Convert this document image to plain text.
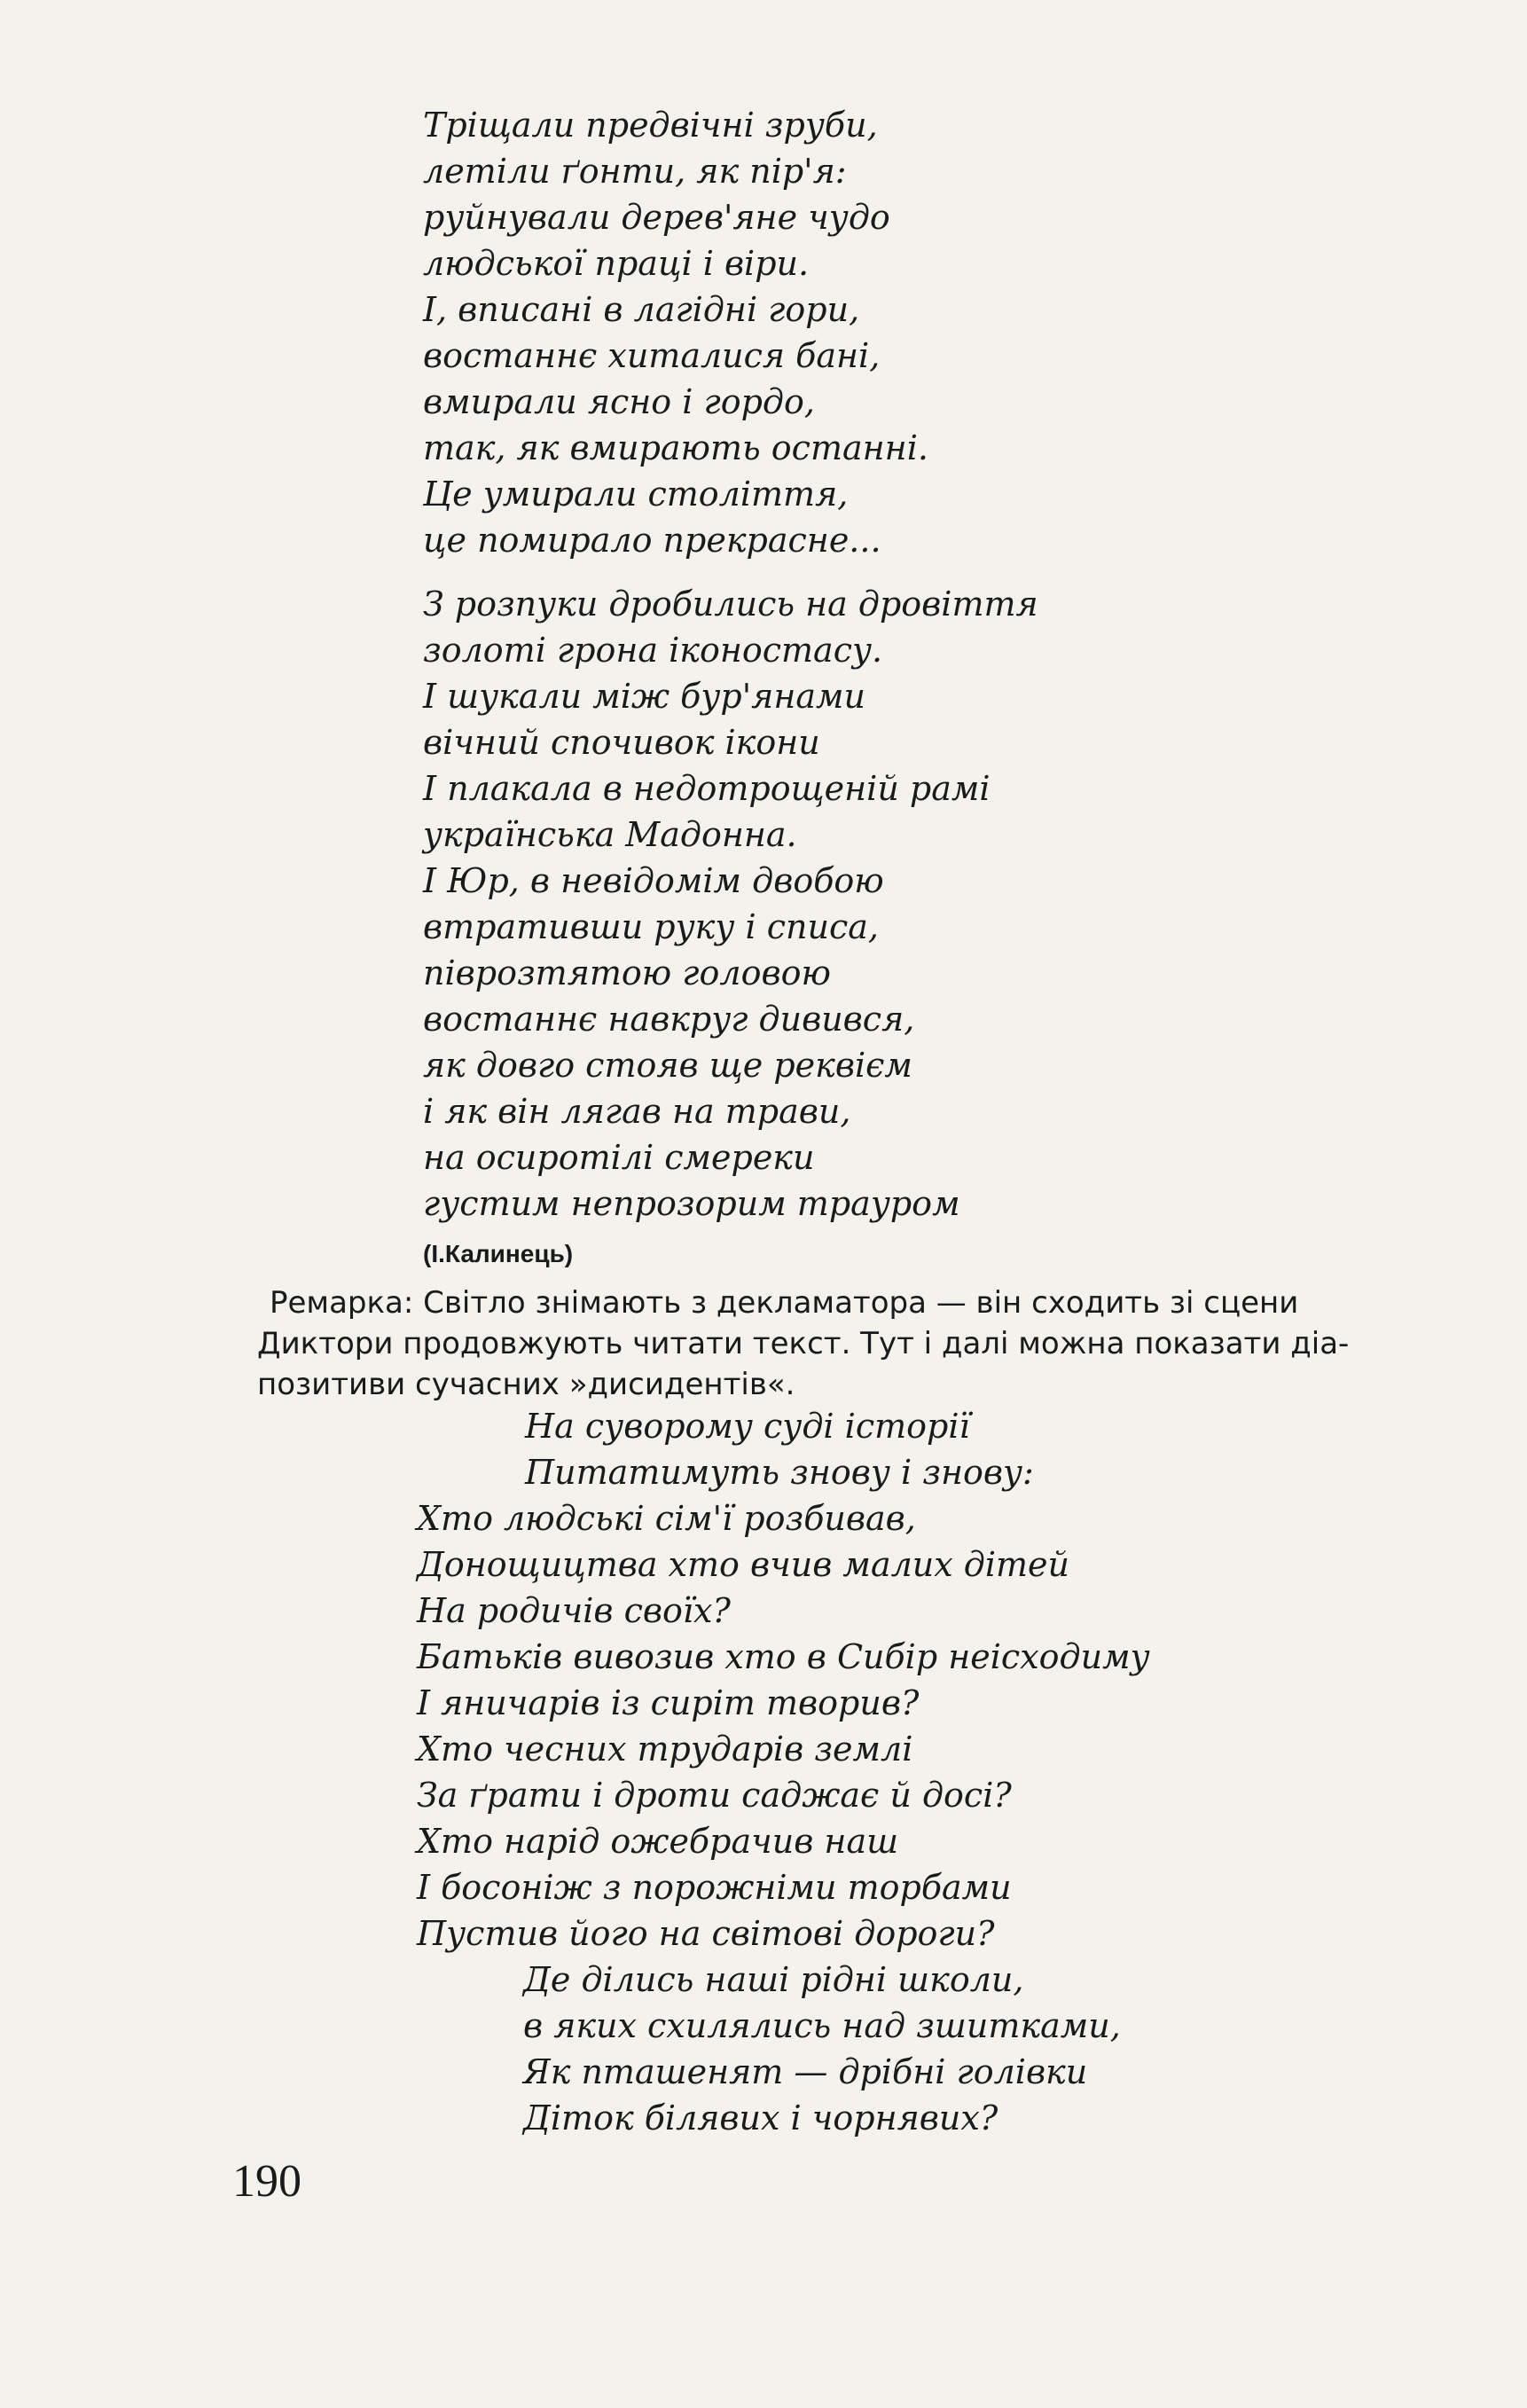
Тріщали предвічні зруби,
летіли ґонти, як пір'я:
руйнували дерев'яне чудо
людської праці і віри.
І, вписані в лагідні гори,
востаннє хиталися бані,
вмирали ясно і гордо,
так, як вмирають останні.
Це умирали століття,
це помирало прекрасне...
З розпуки дробились на дровіття
золоті грона іконостасу.
І шукали між бур'янами
вічний спочивок ікони
І плакала в недотрощеній рамі
українська Мадонна.
І Юр, в невідомім двобою
втративши руку і списа,
піврозтятою головою
востаннє навкруг дивився,
як довго стояв ще реквієм
і як він лягав на трави,
на осиротілі смереки
густим непрозорим трауром
(І.Калинець)
Ремарка: Світло знімають з декламатора — він сходить зі сцени
Диктори продовжують читати текст. Тут і далі можна показати діа-
позитиви сучасних »дисидентів«.
На суворому суді історії
Питатимуть знову і знову:
Хто людські сім'ї розбивав,
Донощицтва хто вчив малих дітей
На родичів своїх?
Батьків вивозив хто в Сибір неісходиму
І яничарів із сиріт творив?
Хто чесних трударів землі
За ґрати і дроти саджає й досі?
Хто нарід ожебрачив наш
І босоніж з порожніми торбами
Пустив його на світові дороги?
Де ділись наші рідні школи,
в яких схилялись над зшитками,
Як пташенят — дрібні голівки
Діток білявих і чорнявих?
190
